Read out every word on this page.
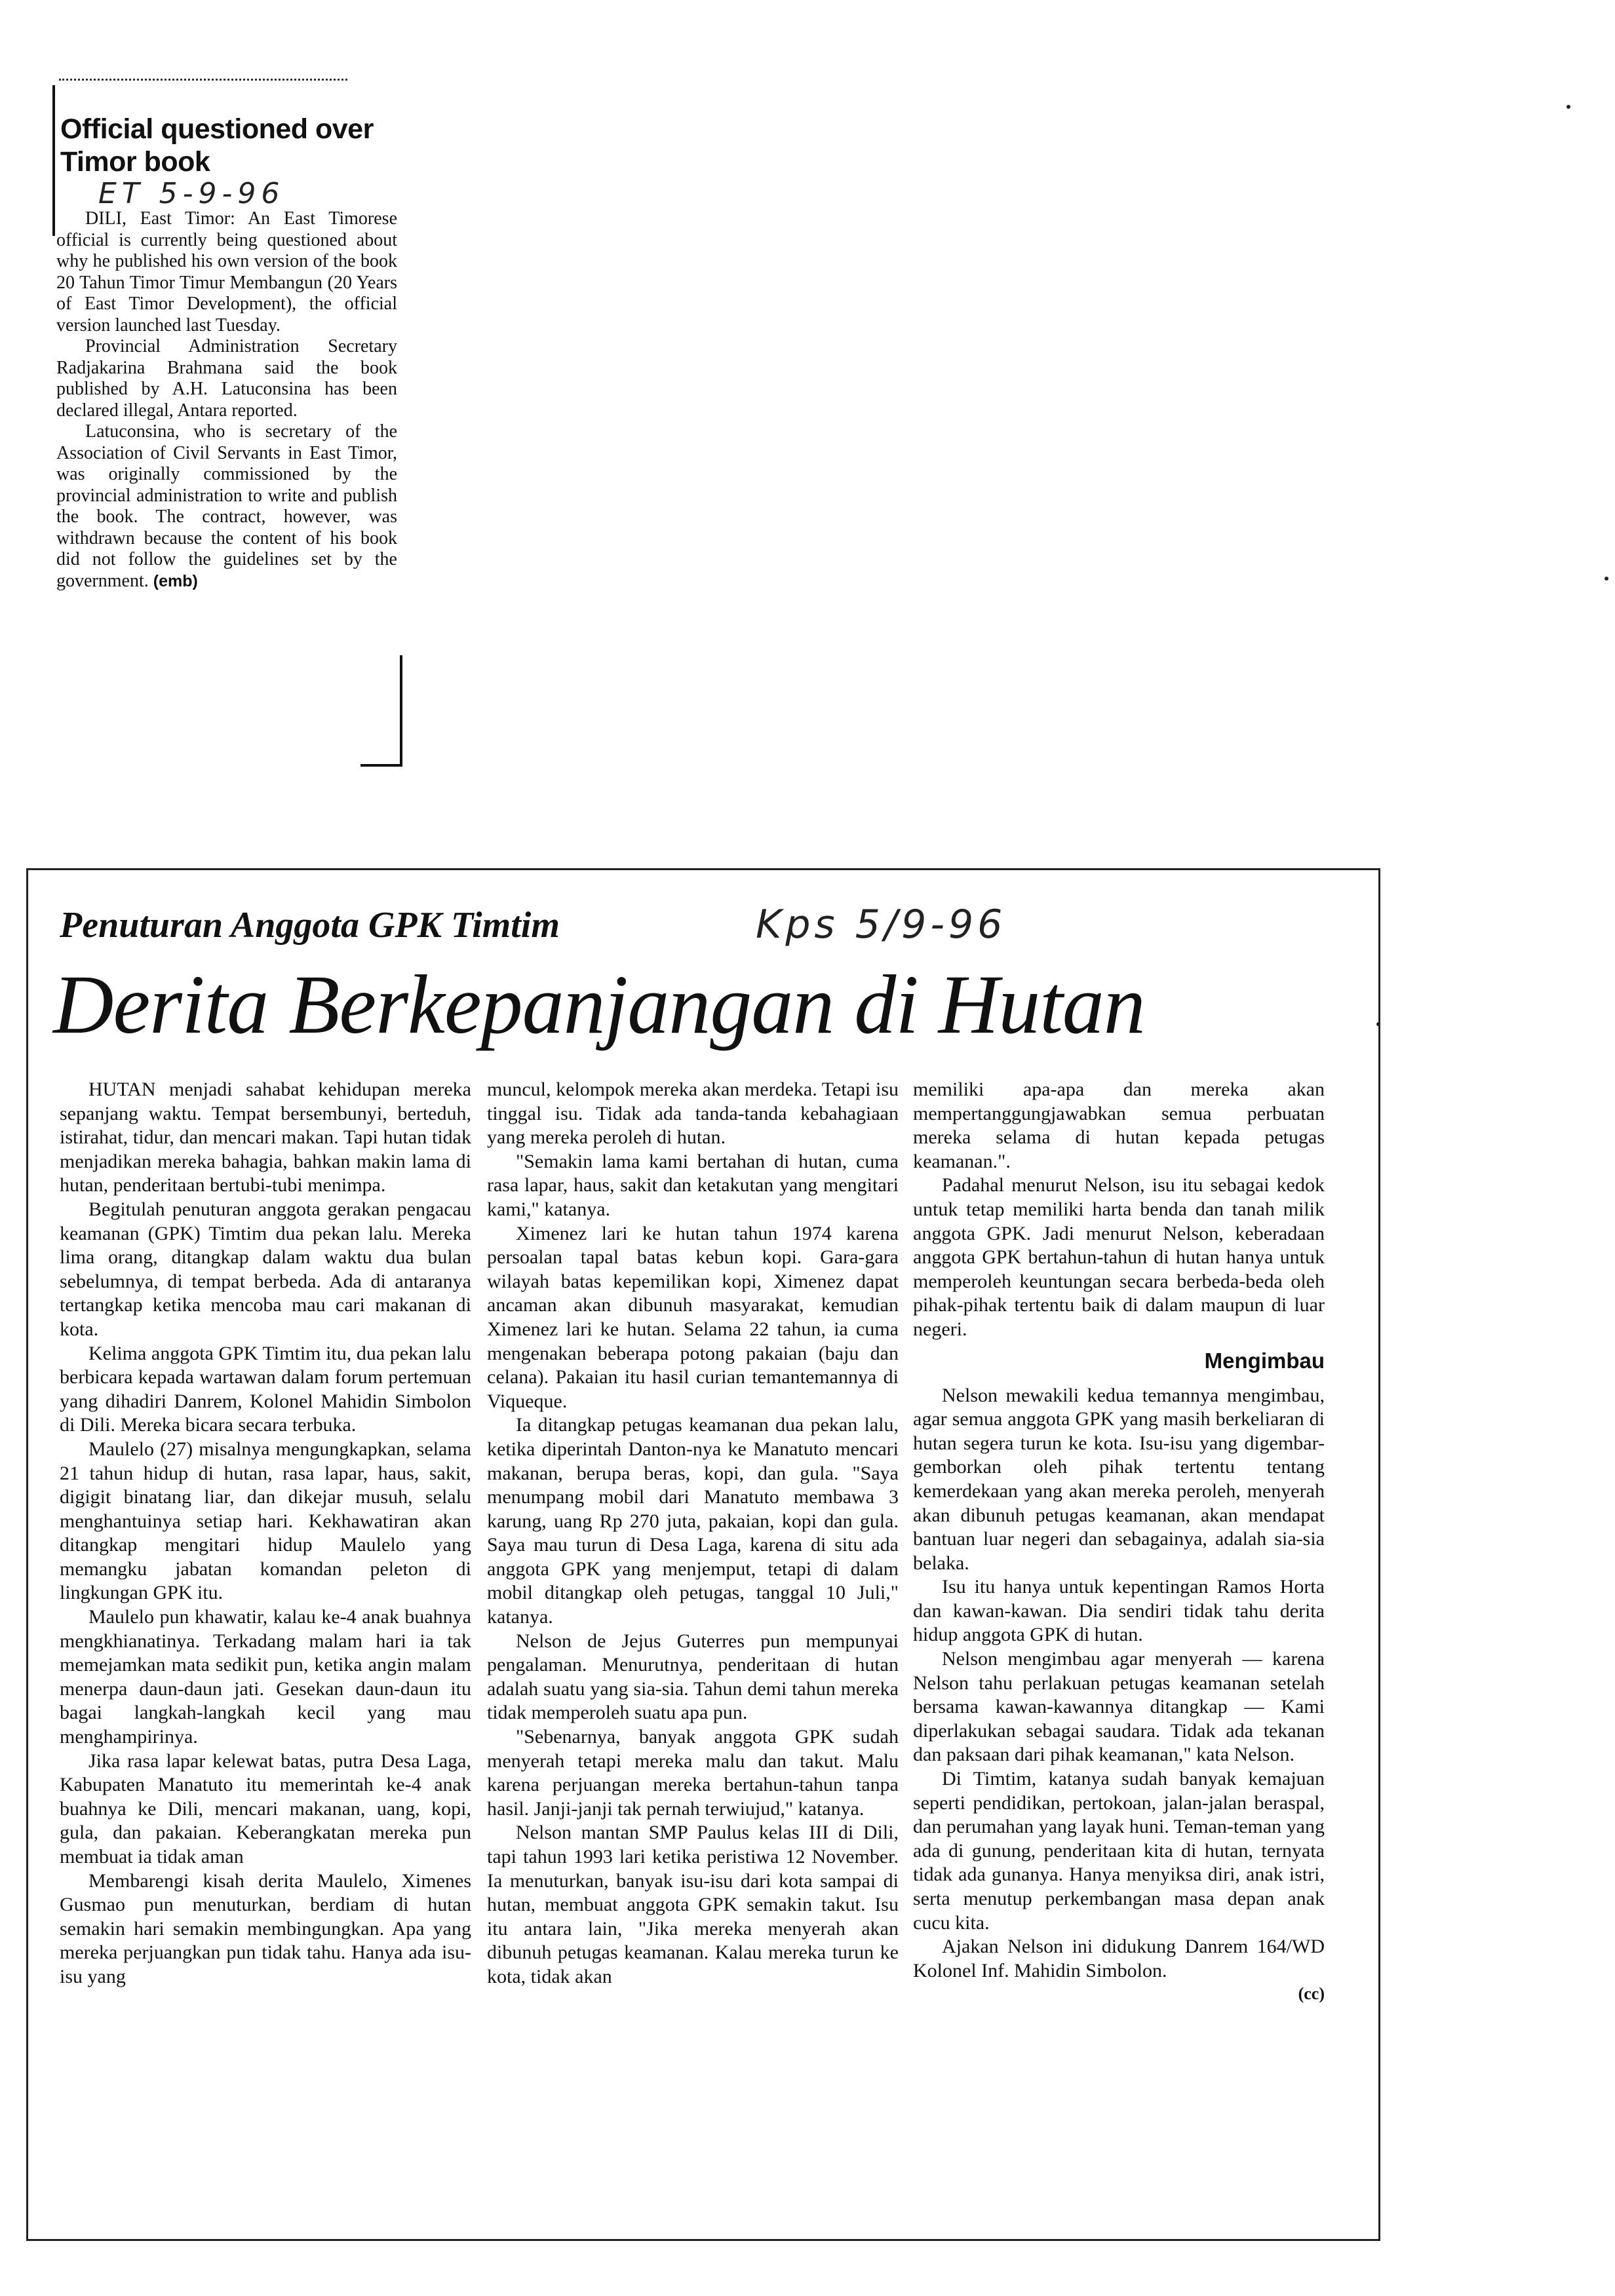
Official questioned over Timor book
ET 5-9-96

DILI, East Timor: An East Timorese official is currently being questioned about why he published his own version of the book 20 Tahun Timor Timur Membangun (20 Years of East Timor Development), the official version launched last Tuesday.

Provincial Administration Secretary Radjakarina Brahmana said the book published by A.H. Latuconsina has been declared illegal, Antara reported.

Latuconsina, who is secretary of the Association of Civil Servants in East Timor, was originally commissioned by the provincial administration to write and publish the book. The contract, however, was withdrawn because the content of his book did not follow the guidelines set by the government. (emb)

Penuturan Anggota GPK Timtim	Kps 5/9-96
Derita Berkepanjangan di Hutan

HUTAN menjadi sahabat kehidupan mereka sepanjang waktu. Tempat bersembunyi, berteduh, istirahat, tidur, dan mencari makan. Tapi hutan tidak menjadikan mereka bahagia, bahkan makin lama di hutan, penderitaan bertubi-tubi menimpa.

Begitulah penuturan anggota gerakan pengacau keamanan (GPK) Timtim dua pekan lalu. Mereka lima orang, ditangkap dalam waktu dua bulan sebelumnya, di tempat berbeda. Ada di antaranya tertangkap ketika mencoba mau cari makanan di kota.

Kelima anggota GPK Timtim itu, dua pekan lalu berbicara kepada wartawan dalam forum pertemuan yang dihadiri Danrem, Kolonel Mahidin Simbolon di Dili. Mereka bicara secara terbuka.

Maulelo (27) misalnya mengungkapkan, selama 21 tahun hidup di hutan, rasa lapar, haus, sakit, digigit binatang liar, dan dikejar musuh, selalu menghantuinya setiap hari. Kekhawatiran akan ditangkap mengitari hidup Maulelo yang memangku jabatan komandan peleton di lingkungan GPK itu.

Maulelo pun khawatir, kalau ke-4 anak buahnya mengkhianatinya. Terkadang malam hari ia tak memejamkan mata sedikit pun, ketika angin malam menerpa daun-daun jati. Gesekan daun-daun itu bagai langkah-langkah kecil yang mau menghampirinya.

Jika rasa lapar kelewat batas, putra Desa Laga, Kabupaten Manatuto itu memerintah ke-4 anak buahnya ke Dili, mencari makanan, uang, kopi, gula, dan pakaian. Keberangkatan mereka pun membuat ia tidak aman

Membarengi kisah derita Maulelo, Ximenes Gusmao pun menuturkan, berdiam di hutan semakin hari semakin membingungkan. Apa yang mereka perjuangkan pun tidak tahu. Hanya ada isu-isu yang

muncul, kelompok mereka akan merdeka. Tetapi isu tinggal isu. Tidak ada tanda-tanda kebahagiaan yang mereka peroleh di hutan.

"Semakin lama kami bertahan di hutan, cuma rasa lapar, haus, sakit dan ketakutan yang mengitari kami," katanya.

Ximenez lari ke hutan tahun 1974 karena persoalan tapal batas kebun kopi. Gara-gara wilayah batas kepemilikan kopi, Ximenez dapat ancaman akan dibunuh masyarakat, kemudian Ximenez lari ke hutan. Selama 22 tahun, ia cuma mengenakan beberapa potong pakaian (baju dan celana). Pakaian itu hasil curian temantemannya di Viqueque.

Ia ditangkap petugas keamanan dua pekan lalu, ketika diperintah Danton-nya ke Manatuto mencari makanan, berupa beras, kopi, dan gula. "Saya menumpang mobil dari Manatuto membawa 3 karung, uang Rp 270 juta, pakaian, kopi dan gula. Saya mau turun di Desa Laga, karena di situ ada anggota GPK yang menjemput, tetapi di dalam mobil ditangkap oleh petugas, tanggal 10 Juli," katanya.

Nelson de Jejus Guterres pun mempunyai pengalaman. Menurutnya, penderitaan di hutan adalah suatu yang sia-sia. Tahun demi tahun mereka tidak memperoleh suatu apa pun.

"Sebenarnya, banyak anggota GPK sudah menyerah tetapi mereka malu dan takut. Malu karena perjuangan mereka bertahun-tahun tanpa hasil. Janji-janji tak pernah terwiujud," katanya.

Nelson mantan SMP Paulus kelas III di Dili, tapi tahun 1993 lari ketika peristiwa 12 November. Ia menuturkan, banyak isu-isu dari kota sampai di hutan, membuat anggota GPK semakin takut. Isu itu antara lain, "Jika mereka menyerah akan dibunuh petugas keamanan. Kalau mereka turun ke kota, tidak akan

memiliki apa-apa dan mereka akan mempertanggungjawabkan semua perbuatan mereka selama di hutan kepada petugas keamanan.".

Padahal menurut Nelson, isu itu sebagai kedok untuk tetap memiliki harta benda dan tanah milik anggota GPK. Jadi menurut Nelson, keberadaan anggota GPK bertahun-tahun di hutan hanya untuk memperoleh keuntungan secara berbeda-beda oleh pihak-pihak tertentu baik di dalam maupun di luar negeri.

Mengimbau

Nelson mewakili kedua temannya mengimbau, agar semua anggota GPK yang masih berkeliaran di hutan segera turun ke kota. Isu-isu yang digembar-gemborkan oleh pihak tertentu tentang kemerdekaan yang akan mereka peroleh, menyerah akan dibunuh petugas keamanan, akan mendapat bantuan luar negeri dan sebagainya, adalah sia-sia belaka.

Isu itu hanya untuk kepentingan Ramos Horta dan kawan-kawan. Dia sendiri tidak tahu derita hidup anggota GPK di hutan.

Nelson mengimbau agar menyerah — karena Nelson tahu perlakuan petugas keamanan setelah bersama kawan-kawannya ditangkap — Kami diperlakukan sebagai saudara. Tidak ada tekanan dan paksaan dari pihak keamanan," kata Nelson.

Di Timtim, katanya sudah banyak kemajuan seperti pendidikan, pertokoan, jalan-jalan beraspal, dan perumahan yang layak huni. Teman-teman yang ada di gunung, penderitaan kita di hutan, ternyata tidak ada gunanya. Hanya menyiksa diri, anak istri, serta menutup perkembangan masa depan anak cucu kita.

Ajakan Nelson ini didukung Danrem 164/WD Kolonel Inf. Mahidin Simbolon.

(cc)
